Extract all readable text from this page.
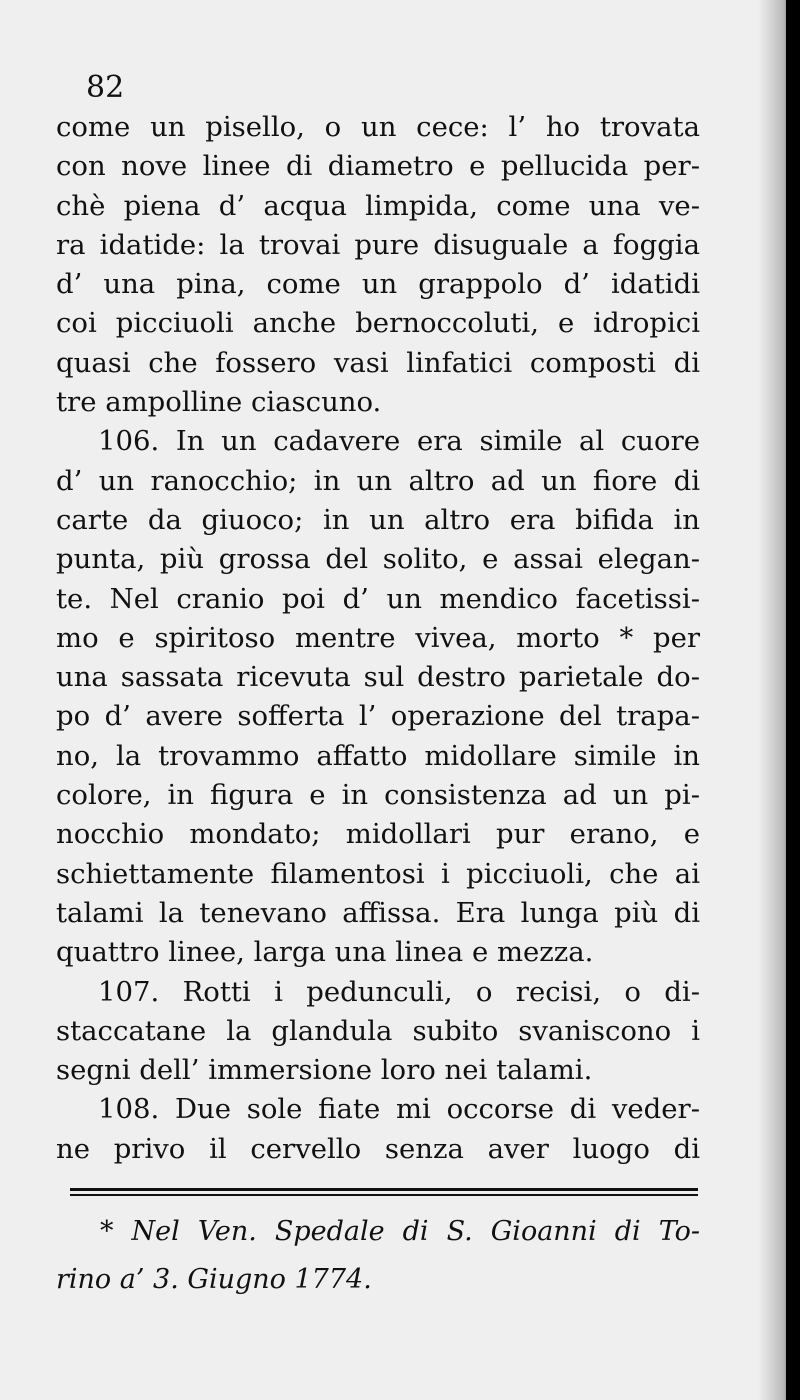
82
come un pisello, o un cece: l’ ho trovata
con nove linee di diametro e pellucida per-
chè piena d’ acqua limpida, come una ve-
ra idatide: la trovai pure disuguale a foggia
d’ una pina, come un grappolo d’ idatidi
coi picciuoli anche bernoccoluti, e idropici
quasi che fossero vasi linfatici composti di
tre ampolline ciascuno.
106. In un cadavere era simile al cuore
d’ un ranocchio; in un altro ad un fiore di
carte da giuoco; in un altro era bifida in
punta, più grossa del solito, e assai elegan-
te. Nel cranio poi d’ un mendico facetissi-
mo e spiritoso mentre vivea, morto * per
una sassata ricevuta sul destro parietale do-
po d’ avere sofferta l’ operazione del trapa-
no, la trovammo affatto midollare simile in
colore, in figura e in consistenza ad un pi-
nocchio mondato; midollari pur erano, e
schiettamente filamentosi i picciuoli, che ai
talami la tenevano affissa. Era lunga più di
quattro linee, larga una linea e mezza.
107. Rotti i pedunculi, o recisi, o di-
staccatane la glandula subito svaniscono i
segni dell’ immersione loro nei talami.
108. Due sole fiate mi occorse di veder-
ne privo il cervello senza aver luogo di
* Nel Ven. Spedale di S. Gioanni di To-
rino a’ 3. Giugno 1774.
